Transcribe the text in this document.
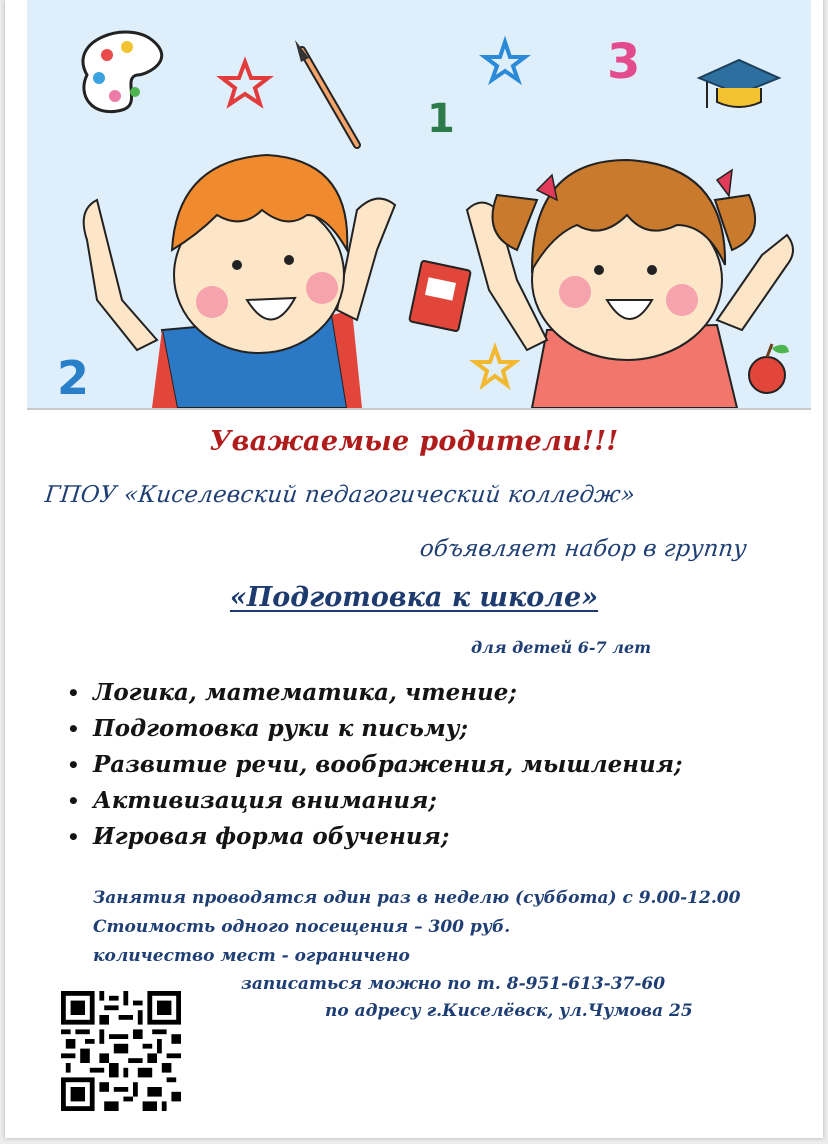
1
3
2
Уважаемые родители!!!
ГПОУ «Киселевский педагогический колледж»
объявляет набор в группу
«Подготовка к школе»
для детей 6-7 лет
• Логика, математика, чтение;
• Подготовка руки к письму;
• Развитие речи, воображения, мышления;
• Активизация внимания;
• Игровая форма обучения;
Занятия проводятся один раз в неделю (суббота) с 9.00-12.00
Стоимость одного посещения – 300 руб.
количество мест - ограничено
записаться можно по т. 8-951-613-37-60
по адресу г.Киселёвск, ул.Чумова 25
